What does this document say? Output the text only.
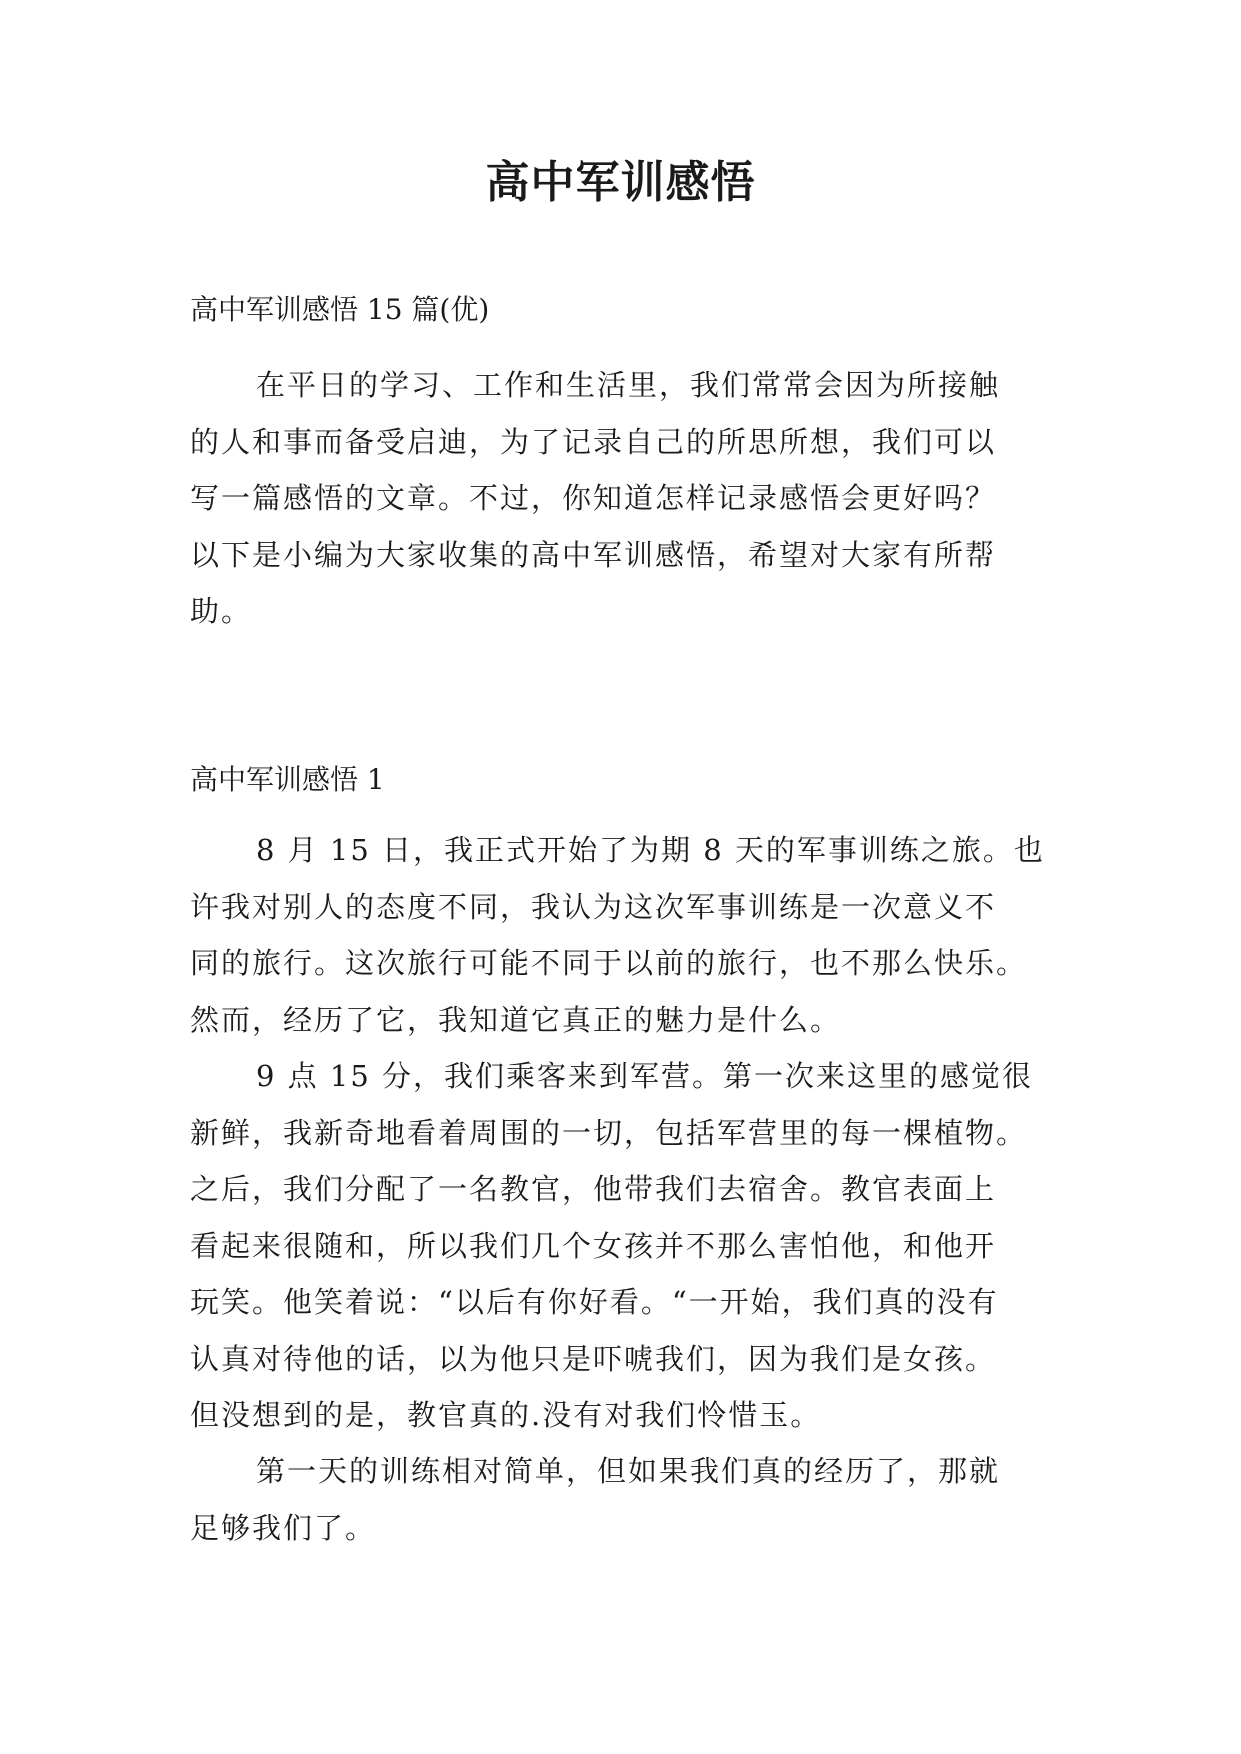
高中军训感悟
高中军训感悟 15 篇(优)
在平日的学习、工作和生活里，我们常常会因为所接触
的人和事而备受启迪，为了记录自己的所思所想，我们可以
写一篇感悟的文章。不过，你知道怎样记录感悟会更好吗？
以下是小编为大家收集的高中军训感悟，希望对大家有所帮
助。
高中军训感悟 1
8 月 15 日，我正式开始了为期 8 天的军事训练之旅。也
许我对别人的态度不同，我认为这次军事训练是一次意义不
同的旅行。这次旅行可能不同于以前的旅行，也不那么快乐。
然而，经历了它，我知道它真正的魅力是什么。
9 点 15 分，我们乘客来到军营。第一次来这里的感觉很
新鲜，我新奇地看着周围的一切，包括军营里的每一棵植物。
之后，我们分配了一名教官，他带我们去宿舍。教官表面上
看起来很随和，所以我们几个女孩并不那么害怕他，和他开
玩笑。他笑着说：“以后有你好看。“一开始，我们真的没有
认真对待他的话，以为他只是吓唬我们，因为我们是女孩。
但没想到的是，教官真的.没有对我们怜惜玉。
第一天的训练相对简单，但如果我们真的经历了，那就
足够我们了。
